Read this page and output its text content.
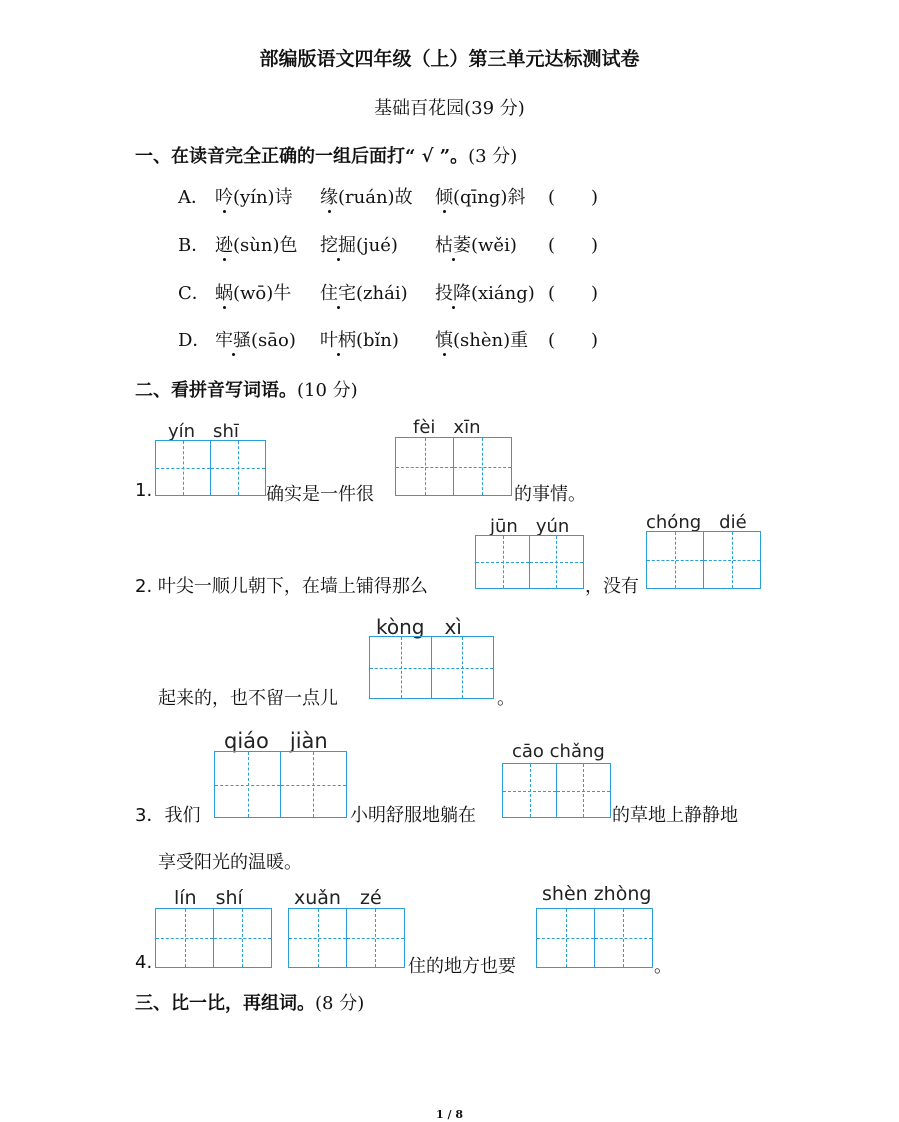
部编版语文四年级（上）第三单元达标测试卷
基础百花园(39 分)
一、在读音完全正确的一组后面打“ √ ”。(3 分)
A． 吟(yín)诗 缘(ruán)故 倾(qīng)斜 (　　)
B． 逊(sùn)色 挖掘(jué) 枯萎(wěi) (　　)
C． 蜗(wō)牛 住宅(zhái) 投降(xiáng) (　　)
D． 牢骚(sāo) 叶柄(bǐn) 慎(shèn)重 (　　)
二、看拼音写词语。(10 分)
yín　shī
1.	确实是一件很
fèi　xīn
的事情。
2. 叶尖一顺儿朝下，在墙上铺得那么
jūn　yún
，没有
chóng　dié
起来的，也不留一点儿
kòng　xì
。
qiáo　jiàn
3．我们	小明舒服地躺在
cāo chǎng
的草地上静静地
享受阳光的温暖。
lín　shí
4.
xuǎn　zé
住的地方也要
shèn zhòng
。
三、比一比，再组词。(8 分)
1 / 8
